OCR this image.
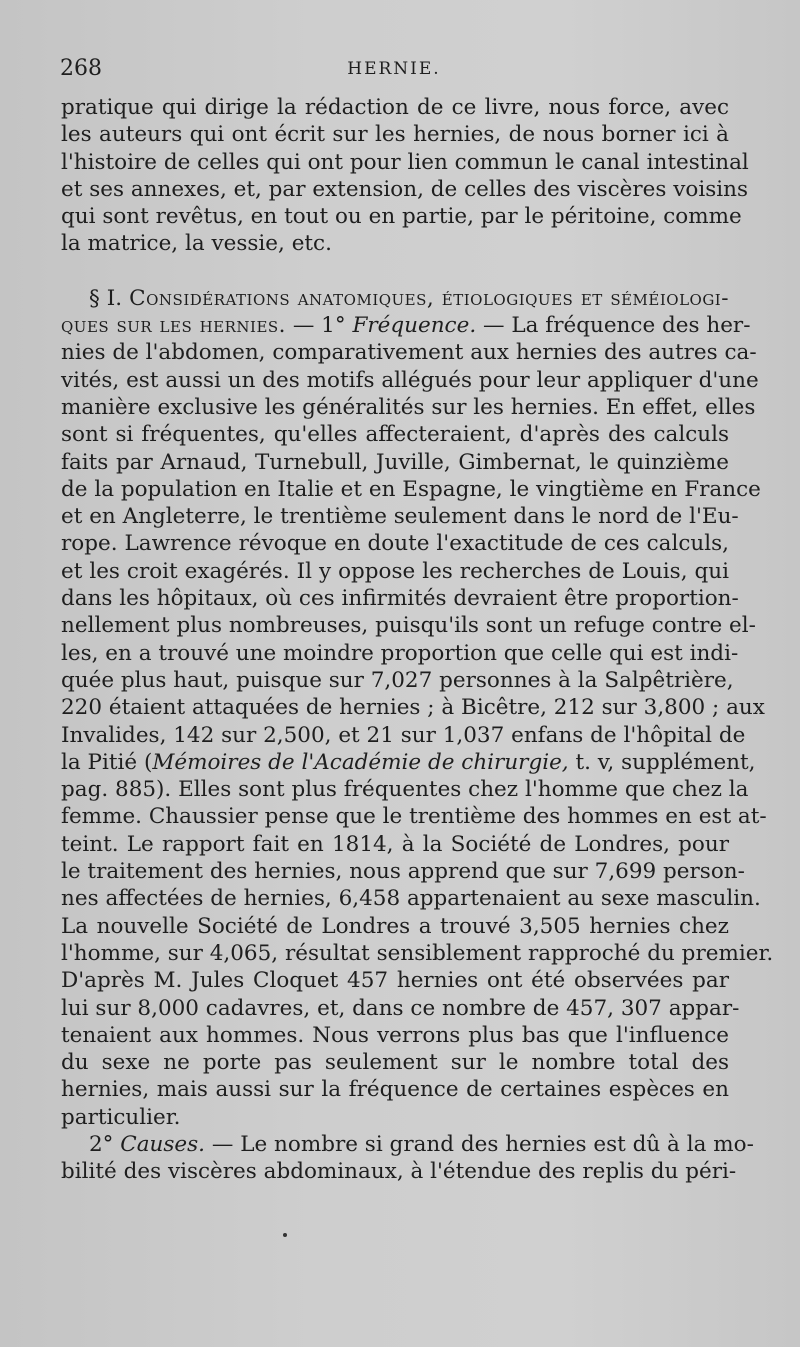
268	HERNIE.

pratique qui dirige la rédaction de ce livre, nous force, avec
les auteurs qui ont écrit sur les hernies, de nous borner ici à
l'histoire de celles qui ont pour lien commun le canal intestinal
et ses annexes, et, par extension, de celles des viscères voisins
qui sont revêtus, en tout ou en partie, par le péritoine, comme
la matrice, la vessie, etc.

§ I. Considérations anatomiques, étiologiques et séméiologi-
ques sur les hernies. — 1° Fréquence. — La fréquence des her-
nies de l'abdomen, comparativement aux hernies des autres ca-
vités, est aussi un des motifs allégués pour leur appliquer d'une
manière exclusive les généralités sur les hernies. En effet, elles
sont si fréquentes, qu'elles affecteraient, d'après des calculs
faits par Arnaud, Turnebull, Juville, Gimbernat, le quinzième
de la population en Italie et en Espagne, le vingtième en France
et en Angleterre, le trentième seulement dans le nord de l'Eu-
rope. Lawrence révoque en doute l'exactitude de ces calculs,
et les croit exagérés. Il y oppose les recherches de Louis, qui
dans les hôpitaux, où ces infirmités devraient être proportion-
nellement plus nombreuses, puisqu'ils sont un refuge contre el-
les, en a trouvé une moindre proportion que celle qui est indi-
quée plus haut, puisque sur 7,027 personnes à la Salpêtrière,
220 étaient attaquées de hernies ; à Bicêtre, 212 sur 3,800 ; aux
Invalides, 142 sur 2,500, et 21 sur 1,037 enfans de l'hôpital de
la Pitié (Mémoires de l'Académie de chirurgie, t. v, supplément,
pag. 885). Elles sont plus fréquentes chez l'homme que chez la
femme. Chaussier pense que le trentième des hommes en est at-
teint. Le rapport fait en 1814, à la Société de Londres, pour
le traitement des hernies, nous apprend que sur 7,699 person-
nes affectées de hernies, 6,458 appartenaient au sexe masculin.
La nouvelle Société de Londres a trouvé 3,505 hernies chez
l'homme, sur 4,065, résultat sensiblement rapproché du premier.
D'après M. Jules Cloquet 457 hernies ont été observées par
lui sur 8,000 cadavres, et, dans ce nombre de 457, 307 appar-
tenaient aux hommes. Nous verrons plus bas que l'influence
du sexe ne porte pas seulement sur le nombre total des
hernies, mais aussi sur la fréquence de certaines espèces en
particulier.

2° Causes. — Le nombre si grand des hernies est dû à la mo-
bilité des viscères abdominaux, à l'étendue des replis du péri-
